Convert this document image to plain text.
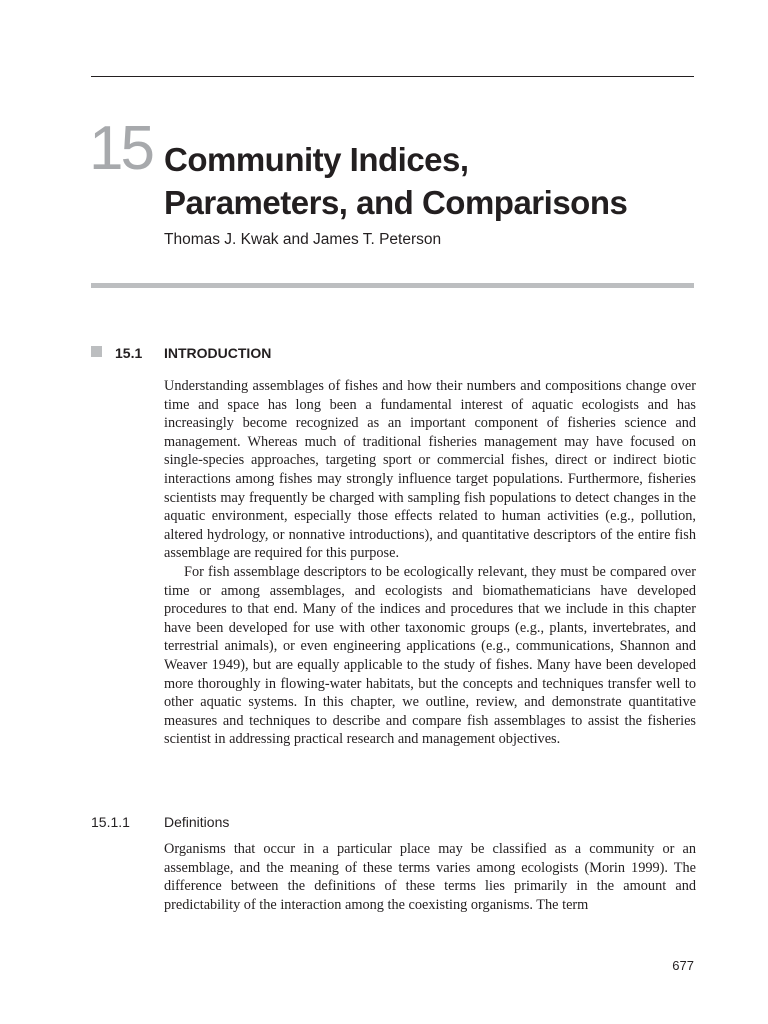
15 Community Indices,
Parameters, and Comparisons
Thomas J. Kwak and James T. Peterson
15.1 INTRODUCTION

Understanding assemblages of fishes and how their numbers and compositions change over time and space has long been a fundamental interest of aquatic ecologists and has increasingly become recognized as an important component of fisheries science and management. Whereas much of traditional fisheries management may have focused on single-species approaches, targeting sport or commercial fishes, direct or indirect biotic interactions among fishes may strongly influence target populations. Furthermore, fisheries scientists may frequently be charged with sampling fish populations to detect changes in the aquatic environment, especially those effects related to human activities (e.g., pollution, altered hydrology, or nonnative introductions), and quantitative descriptors of the entire fish assemblage are required for this purpose.

For fish assemblage descriptors to be ecologically relevant, they must be compared over time or among assemblages, and ecologists and biomathematicians have developed procedures to that end. Many of the indices and procedures that we include in this chapter have been developed for use with other taxonomic groups (e.g., plants, invertebrates, and terrestrial animals), or even engineering applications (e.g., communications, Shannon and Weaver 1949), but are equally applicable to the study of fishes. Many have been developed more thoroughly in flowing-water habitats, but the concepts and techniques transfer well to other aquatic systems. In this chapter, we outline, review, and demonstrate quantitative measures and techniques to describe and compare fish assemblages to assist the fisheries scientist in addressing practical research and management objectives.

15.1.1 Definitions

Organisms that occur in a particular place may be classified as a community or an assemblage, and the meaning of these terms varies among ecologists (Morin 1999). The difference between the definitions of these terms lies primarily in the amount and predictability of the interaction among the coexisting organisms. The term

677
